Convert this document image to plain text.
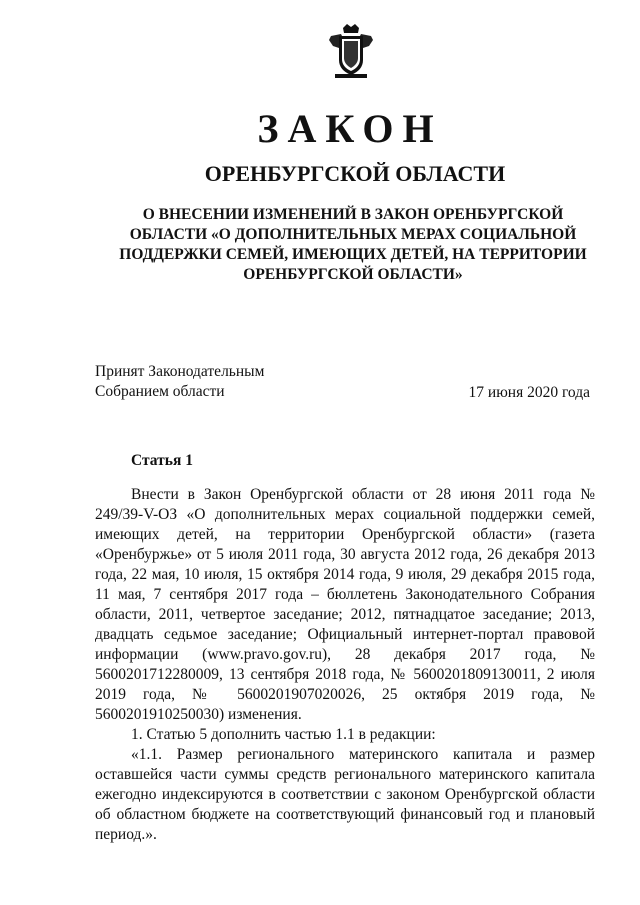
ЗАКОН
ОРЕНБУРГСКОЙ ОБЛАСТИ
О ВНЕСЕНИИ ИЗМЕНЕНИЙ В ЗАКОН ОРЕНБУРГСКОЙ ОБЛАСТИ «О ДОПОЛНИТЕЛЬНЫХ МЕРАХ СОЦИАЛЬНОЙ ПОДДЕРЖКИ СЕМЕЙ, ИМЕЮЩИХ ДЕТЕЙ, НА ТЕРРИТОРИИ ОРЕНБУРГСКОЙ ОБЛАСТИ»
Принят Законодательным
Собранием области	17 июня 2020 года
Статья 1

Внести в Закон Оренбургской области от 28 июня 2011 года № 249/39-V-ОЗ «О дополнительных мерах социальной поддержки семей, имеющих детей, на территории Оренбургской области» (газета «Оренбуржье» от 5 июля 2011 года, 30 августа 2012 года, 26 декабря 2013 года, 22 мая, 10 июля, 15 октября 2014 года, 9 июля, 29 декабря 2015 года, 11 мая, 7 сентября 2017 года – бюллетень Законодательного Собрания области, 2011, четвертое заседание; 2012, пятнадцатое заседание; 2013, двадцать седьмое заседание; Официальный интернет-портал правовой информации (www.pravo.gov.ru), 28 декабря 2017 года, № 5600201712280009, 13 сентября 2018 года, № 5600201809130011, 2 июля 2019 года, № 5600201907020026, 25 октября 2019 года, № 5600201910250030) изменения.

1. Статью 5 дополнить частью 1.1 в редакции:

«1.1. Размер регионального материнского капитала и размер оставшейся части суммы средств регионального материнского капитала ежегодно индексируются в соответствии с законом Оренбургской области об областном бюджете на соответствующий финансовый год и плановый период.».
